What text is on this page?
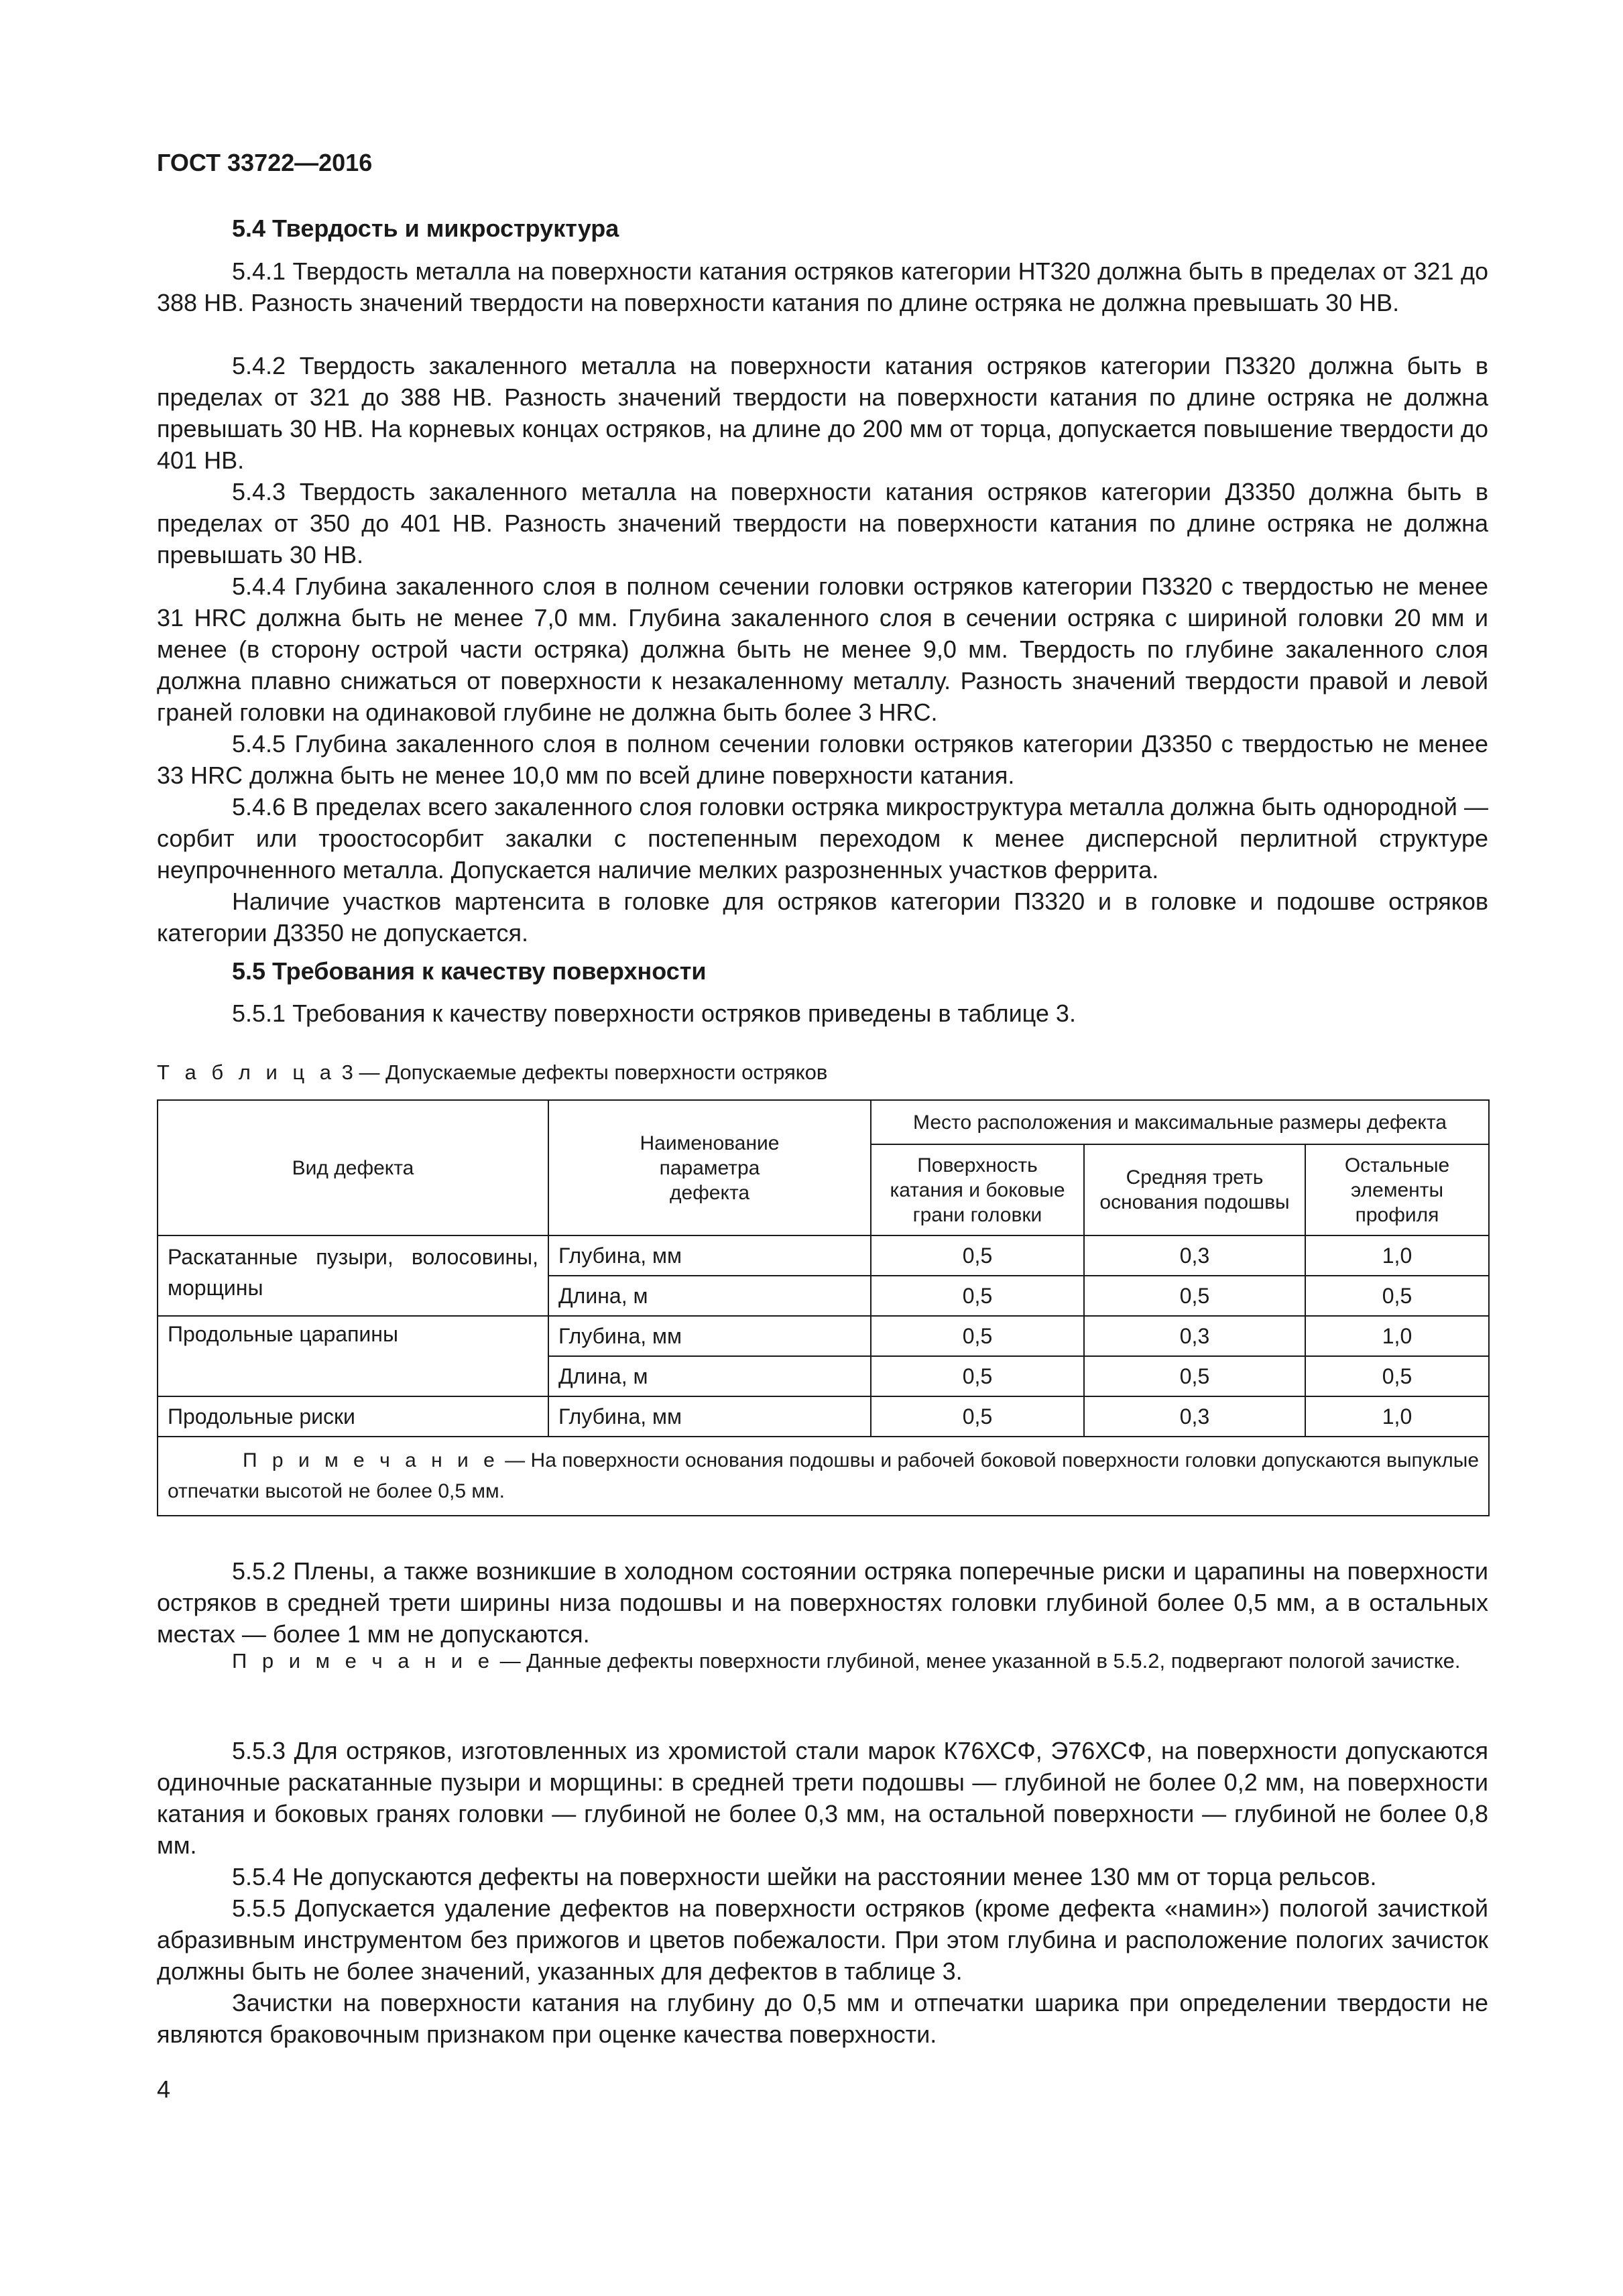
ГОСТ 33722—2016
5.4 Твердость и микроструктура
5.4.1 Твердость металла на поверхности катания остряков категории НТ320 должна быть в пределах от 321 до 388 НВ. Разность значений твердости на поверхности катания по длине остряка не должна превышать 30 НВ.
5.4.2 Твердость закаленного металла на поверхности катания остряков категории П3320 должна быть в пределах от 321 до 388 НВ. Разность значений твердости на поверхности катания по длине остряка не должна превышать 30 НВ. На корневых концах остряков, на длине до 200 мм от торца, допускается повышение твердости до 401 НВ.
5.4.3 Твердость закаленного металла на поверхности катания остряков категории Д3350 должна быть в пределах от 350 до 401 НВ. Разность значений твердости на поверхности катания по длине остряка не должна превышать 30 НВ.
5.4.4 Глубина закаленного слоя в полном сечении головки остряков категории П3320 с твердостью не менее 31 HRC должна быть не менее 7,0 мм. Глубина закаленного слоя в сечении остряка с шириной головки 20 мм и менее (в сторону острой части остряка) должна быть не менее 9,0 мм. Твердость по глубине закаленного слоя должна плавно снижаться от поверхности к незакаленному металлу. Разность значений твердости правой и левой граней головки на одинаковой глубине не должна быть более 3 HRC.
5.4.5 Глубина закаленного слоя в полном сечении головки остряков категории Д3350 с твердостью не менее 33 HRC должна быть не менее 10,0 мм по всей длине поверхности катания.
5.4.6 В пределах всего закаленного слоя головки остряка микроструктура металла должна быть однородной — сорбит или троостосорбит закалки с постепенным переходом к менее дисперсной перлитной структуре неупрочненного металла. Допускается наличие мелких разрозненных участков феррита.
Наличие участков мартенсита в головке для остряков категории П3320 и в головке и подошве остряков категории Д3350 не допускается.
5.5 Требования к качеству поверхности
5.5.1 Требования к качеству поверхности остряков приведены в таблице 3.
Т а б л и ц а 3 — Допускаемые дефекты поверхности остряков
Вид дефекта	Наименование параметра дефекта	Место расположения и максимальные размеры дефекта		
		Поверхность катания и боковые грани головки	Средняя треть основания подошвы	Остальные элементы профиля
Раскатанные пузыри, волосовины, морщины	Глубина, мм	0,5	0,3	1,0
	Длина, м	0,5	0,5	0,5
Продольные царапины	Глубина, мм	0,5	0,3	1,0
	Длина, м	0,5	0,5	0,5
Продольные риски	Глубина, мм	0,5	0,3	1,0
П р и м е ч а н и е — На поверхности основания подошвы и рабочей боковой поверхности головки допускаются выпуклые отпечатки высотой не более 0,5 мм.				
5.5.2 Плены, а также возникшие в холодном состоянии остряка поперечные риски и царапины на поверхности остряков в средней трети ширины низа подошвы и на поверхностях головки глубиной более 0,5 мм, а в остальных местах — более 1 мм не допускаются.
П р и м е ч а н и е — Данные дефекты поверхности глубиной, менее указанной в 5.5.2, подвергают пологой зачистке.
5.5.3 Для остряков, изготовленных из хромистой стали марок К76ХСФ, Э76ХСФ, на поверхности допускаются одиночные раскатанные пузыри и морщины: в средней трети подошвы — глубиной не более 0,2 мм, на поверхности катания и боковых гранях головки — глубиной не более 0,3 мм, на остальной поверхности — глубиной не более 0,8 мм.
5.5.4 Не допускаются дефекты на поверхности шейки на расстоянии менее 130 мм от торца рельсов.
5.5.5 Допускается удаление дефектов на поверхности остряков (кроме дефекта «намин») пологой зачисткой абразивным инструментом без прижогов и цветов побежалости. При этом глубина и расположение пологих зачисток должны быть не более значений, указанных для дефектов в таблице 3.
Зачистки на поверхности катания на глубину до 0,5 мм и отпечатки шарика при определении твердости не являются браковочным признаком при оценке качества поверхности.
4
